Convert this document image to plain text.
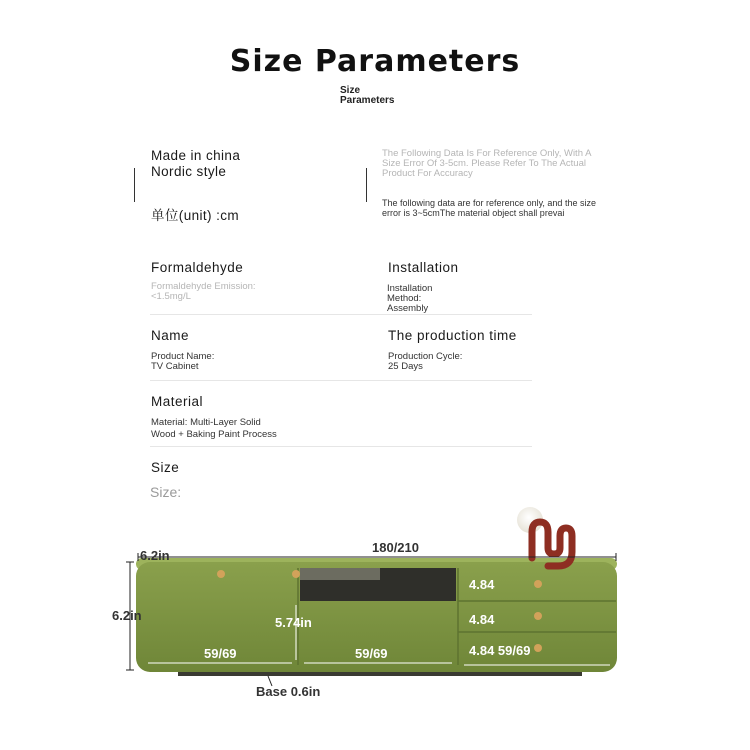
Size Parameters
Size
Parameters
Made in china
Nordic style
单位(unit) :cm
The Following Data Is For Reference Only, With A
Size Error Of 3-5cm. Please Refer To The Actual
Product For Accuracy
The following data are for reference only, and the size
error is 3~5cmThe material object shall prevai
Formaldehyde
Formaldehyde Emission:
<1.5mg/L
Installation
Installation
Method:
Assembly
Name
Product Name:
TV Cabinet
The production time
Production Cycle:
25 Days
Material
Material: Multi-Layer Solid
Wood + Baking Paint Process
Size
Size:
180/210
6.2in
6.2in	5.74in
59/69	59/69
4.84
4.84
4.84 59/69
Base 0.6in
